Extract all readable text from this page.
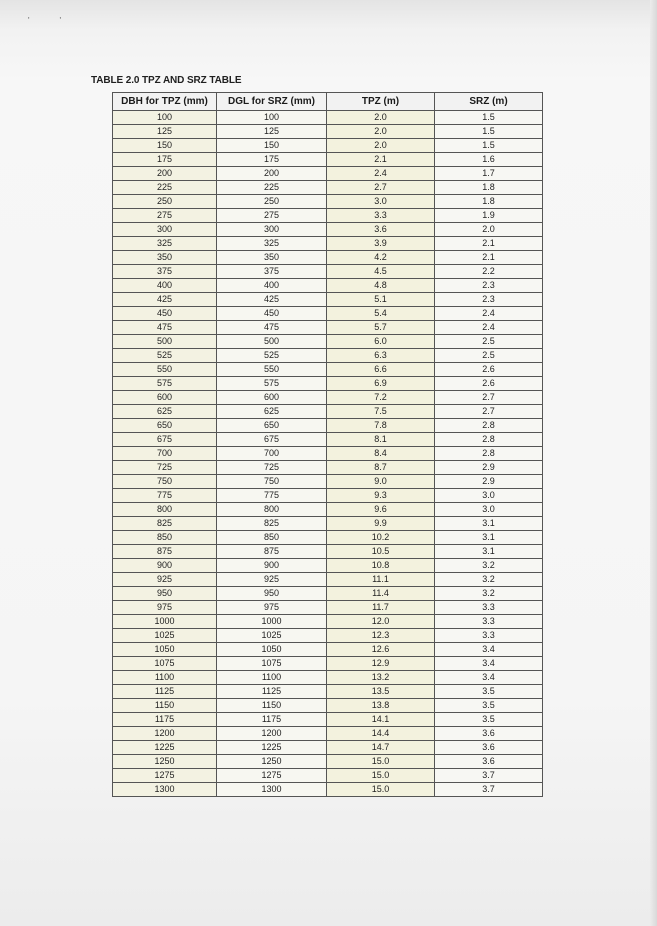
''
TABLE 2.0 TPZ AND SRZ TABLE
DBH for TPZ (mm)	DGL for SRZ (mm)	TPZ (m)	SRZ (m)
100	100	2.0	1.5
125	125	2.0	1.5
150	150	2.0	1.5
175	175	2.1	1.6
200	200	2.4	1.7
225	225	2.7	1.8
250	250	3.0	1.8
275	275	3.3	1.9
300	300	3.6	2.0
325	325	3.9	2.1
350	350	4.2	2.1
375	375	4.5	2.2
400	400	4.8	2.3
425	425	5.1	2.3
450	450	5.4	2.4
475	475	5.7	2.4
500	500	6.0	2.5
525	525	6.3	2.5
550	550	6.6	2.6
575	575	6.9	2.6
600	600	7.2	2.7
625	625	7.5	2.7
650	650	7.8	2.8
675	675	8.1	2.8
700	700	8.4	2.8
725	725	8.7	2.9
750	750	9.0	2.9
775	775	9.3	3.0
800	800	9.6	3.0
825	825	9.9	3.1
850	850	10.2	3.1
875	875	10.5	3.1
900	900	10.8	3.2
925	925	11.1	3.2
950	950	11.4	3.2
975	975	11.7	3.3
1000	1000	12.0	3.3
1025	1025	12.3	3.3
1050	1050	12.6	3.4
1075	1075	12.9	3.4
1100	1100	13.2	3.4
1125	1125	13.5	3.5
1150	1150	13.8	3.5
1175	1175	14.1	3.5
1200	1200	14.4	3.6
1225	1225	14.7	3.6
1250	1250	15.0	3.6
1275	1275	15.0	3.7
1300	1300	15.0	3.7
